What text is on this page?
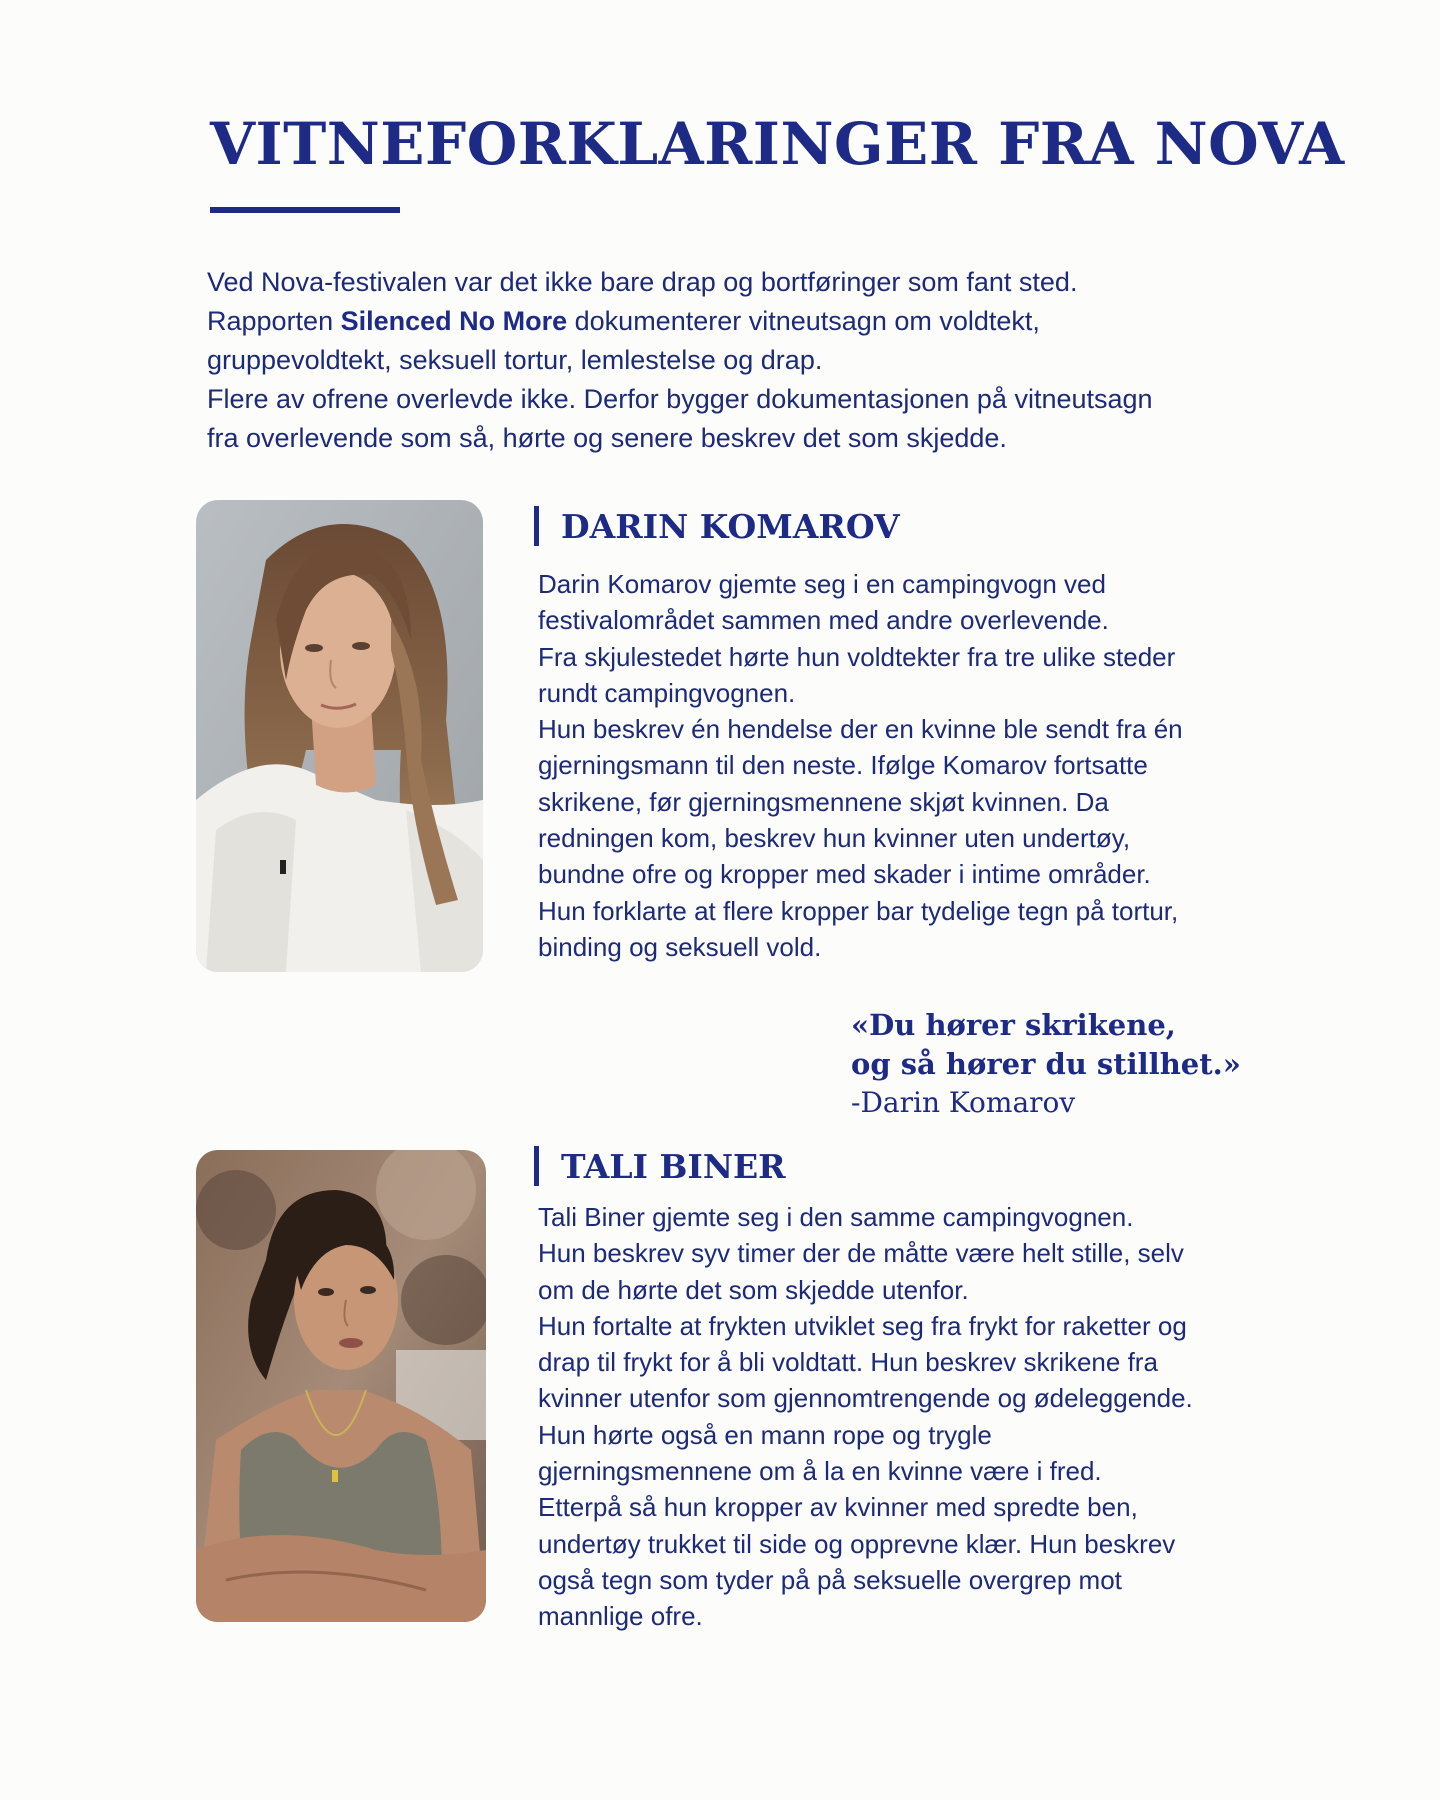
VITNEFORKLARINGER FRA NOVA

Ved Nova-festivalen var det ikke bare drap og bortføringer som fant sted.

Rapporten Silenced No More dokumenterer vitneutsagn om voldtekt,

gruppevoldtekt, seksuell tortur, lemlestelse og drap.

Flere av ofrene overlevde ikke. Derfor bygger dokumentasjonen på vitneutsagn

fra overlevende som så, hørte og senere beskrev det som skjedde.

DARIN KOMAROV

Darin Komarov gjemte seg i en campingvogn ved

festivalområdet sammen med andre overlevende.

Fra skjulestedet hørte hun voldtekter fra tre ulike steder

rundt campingvognen.

Hun beskrev én hendelse der en kvinne ble sendt fra én

gjerningsmann til den neste. Ifølge Komarov fortsatte

skrikene, før gjerningsmennene skjøt kvinnen. Da

redningen kom, beskrev hun kvinner uten undertøy,

bundne ofre og kropper med skader i intime områder.

Hun forklarte at flere kropper bar tydelige tegn på tortur,

binding og seksuell vold.

«Du hører skrikene,
og så hører du stillhet.»
-Darin Komarov
TALI BINER

Tali Biner gjemte seg i den samme campingvognen.

Hun beskrev syv timer der de måtte være helt stille, selv

om de hørte det som skjedde utenfor.

Hun fortalte at frykten utviklet seg fra frykt for raketter og

drap til frykt for å bli voldtatt. Hun beskrev skrikene fra

kvinner utenfor som gjennomtrengende og ødeleggende.

Hun hørte også en mann rope og trygle

gjerningsmennene om å la en kvinne være i fred.

Etterpå så hun kropper av kvinner med spredte ben,

undertøy trukket til side og opprevne klær. Hun beskrev

også tegn som tyder på på seksuelle overgrep mot

mannlige ofre.
